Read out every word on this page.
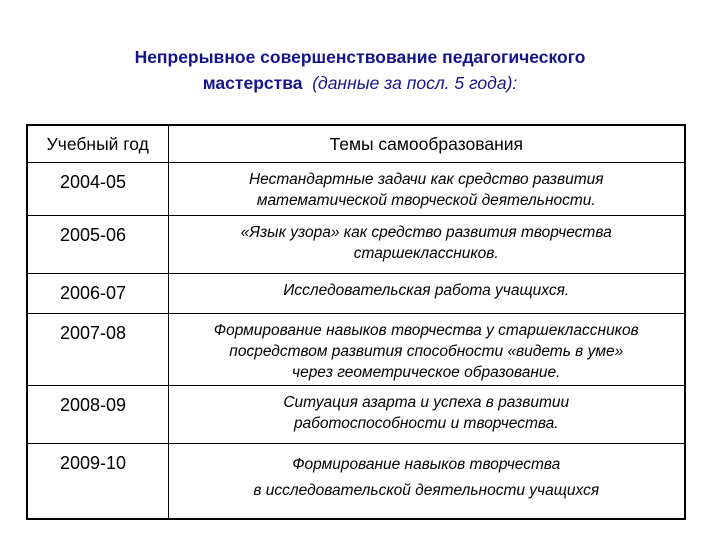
Непрерывное совершенствование педагогического
мастерства (данные за посл. 5 года):
Учебный год	Темы самообразования
2004-05	Нестандартные задачи как средство развития
математической творческой деятельности.

2005-06	«Язык узора» как средство развития творчества
старшеклассников.

2006-07	Исследовательская работа учащихся.

2007-08	Формирование навыков творчества у старшеклассников
посредством развития способности «видеть в уме»
через геометрическое образование.

2008-09	Ситуация азарта и успеха в развитии
работоспособности и творчества.

2009-10	Формирование навыков творчества
в исследовательской деятельности учащихся
